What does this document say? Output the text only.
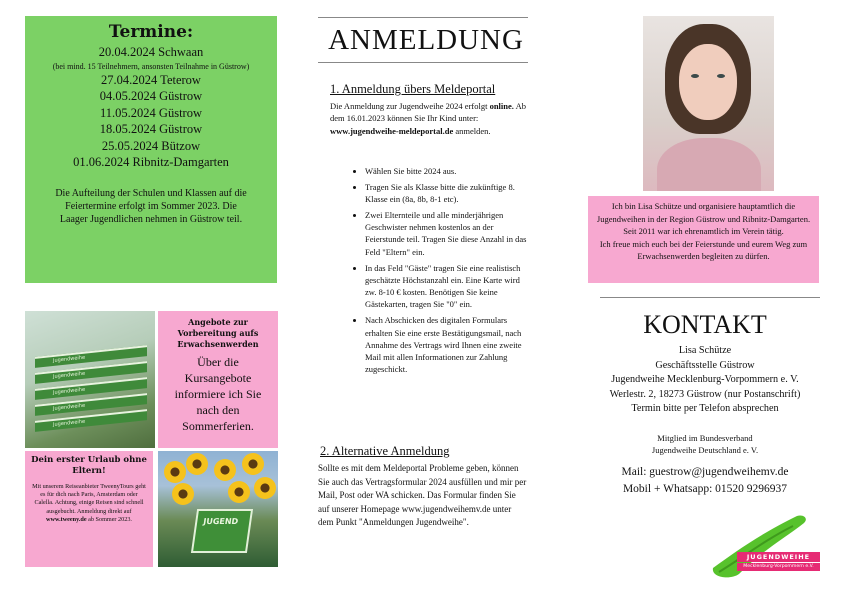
Termine:
20.04.2024 Schwaan
(bei mind. 15 Teilnehmern, ansonsten Teilnahme in Güstrow)
27.04.2024 Teterow
04.05.2024 Güstrow
11.05.2024 Güstrow
18.05.2024 Güstrow
25.05.2024 Bützow
01.06.2024 Ribnitz-Damgarten
Die Aufteilung der Schulen und Klassen auf die Feiertermine erfolgt im Sommer 2023. Die Laager Jugendlichen nehmen in Güstrow teil.
Jugendweihe
Jugendweihe
Jugendweihe
Jugendweihe
Jugendweihe
Angebote zur Vorbereitung aufs Erwachsenwerden
Über die Kursangebote informiere ich Sie nach den Sommerferien.
Dein erster Urlaub ohne Eltern!
Mit unserem Reiseanbieter TweenyTours geht es für dich nach Paris, Amsterdam oder Calella. Achtung, einige Reisen sind schnell ausgebucht. Anmeldung direkt auf www.tweeny.de ab Sommer 2023.	JUGEND
ANMELDUNG
1. Anmeldung übers Meldeportal
Die Anmeldung zur Jugendweihe 2024 erfolgt online. Ab dem 16.01.2023 können Sie Ihr Kind unter: www.jugendweihe-meldeportal.de anmelden.
• Wählen Sie bitte 2024 aus.
• Tragen Sie als Klasse bitte die zukünftige 8. Klasse ein (8a, 8b, 8-1 etc).
• Zwei Elternteile und alle minderjährigen Geschwister nehmen kostenlos an der Feierstunde teil. Tragen Sie diese Anzahl in das Feld "Eltern" ein.
• In das Feld "Gäste" tragen Sie eine realistisch geschätzte Höchstanzahl ein. Eine Karte wird zw. 8-10 € kosten. Benötigen Sie keine Gästekarten, tragen Sie "0" ein.
• Nach Abschicken des digitalen Formulars erhalten Sie eine erste Bestätigungsmail, nach Annahme des Vertrags wird Ihnen eine zweite Mail mit allen Informationen zur Zahlung zugeschickt.
2. Alternative Anmeldung
Sollte es mit dem Meldeportal Probleme geben, können Sie auch das Vertragsformular 2024 ausfüllen und mir per Mail, Post oder WA schicken. Das Formular finden Sie auf unserer Homepage www.jugendweihemv.de unter dem Punkt "Anmeldungen Jugendweihe".
Ich bin Lisa Schütze und organisiere hauptamtlich die Jugendweihen in der Region Güstrow und Ribnitz-Damgarten.
Seit 2011 war ich ehrenamtlich im Verein tätig.
Ich freue mich euch bei der Feierstunde und eurem Weg zum Erwachsenwerden begleiten zu dürfen.
KONTAKT
Lisa Schütze
Geschäftsstelle Güstrow
Jugendweihe Mecklenburg-Vorpommern e. V.
Werlestr. 2, 18273 Güstrow (nur Postanschrift)
Termin bitte per Telefon absprechen
Mitglied im Bundesverband
Jugendweihe Deutschland e. V.
Mail: guestrow@jugendweihemv.de
Mobil + Whatsapp: 01520 9296937
JUGENDWEIHE
Mecklenburg-Vorpommern e.V.
